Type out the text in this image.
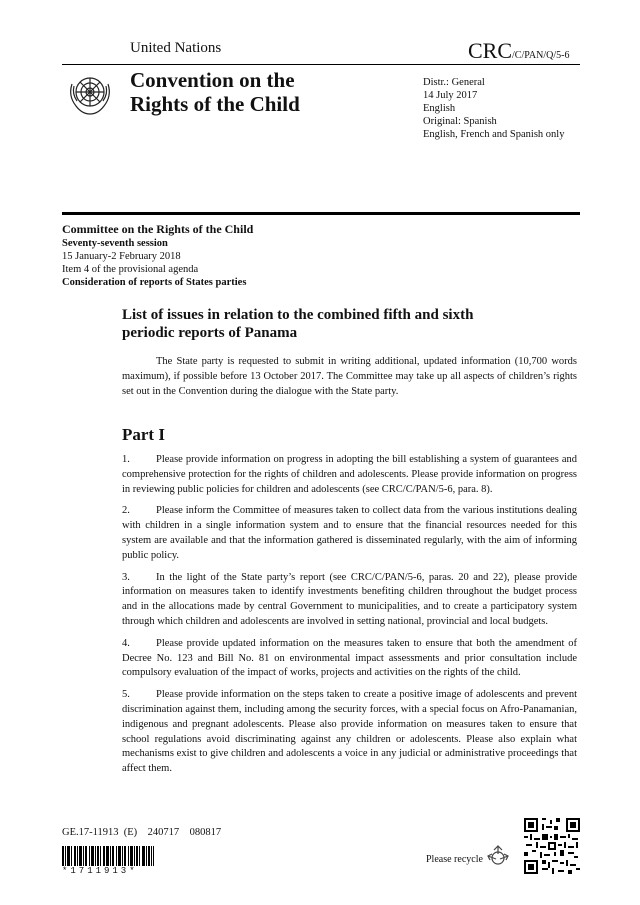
United Nations	CRC/C/PAN/Q/5-6
Convention on the
Rights of the Child
Distr.: General
14 July 2017
English
Original: Spanish
English, French and Spanish only
Committee on the Rights of the Child
Seventy-seventh session
15 January-2 February 2018
Item 4 of the provisional agenda
Consideration of reports of States parties
List of issues in relation to the combined fifth and sixth periodic reports of Panama

The State party is requested to submit in writing additional, updated information (10,700 words maximum), if possible before 13 October 2017. The Committee may take up all aspects of children’s rights set out in the Convention during the dialogue with the State party.

Part I

1. Please provide information on progress in adopting the bill establishing a system of guarantees and comprehensive protection for the rights of children and adolescents. Please provide information on progress in reviewing public policies for children and adolescents (see CRC/C/PAN/5-6, para. 8).

2. Please inform the Committee of measures taken to collect data from the various institutions dealing with children in a single information system and to ensure that the financial resources needed for this system are available and that the information gathered is disseminated regularly, with the aim of informing public policy.

3. In the light of the State party’s report (see CRC/C/PAN/5-6, paras. 20 and 22), please provide information on measures taken to identify investments benefiting children throughout the budget process and in the allocations made by central Government to municipalities, and to create a participatory system through which children and adolescents are involved in setting national, provincial and local budgets.

4. Please provide updated information on the measures taken to ensure that both the amendment of Decree No. 123 and Bill No. 81 on environmental impact assessments and prior consultation include compulsory evaluation of the impact of works, projects and activities on the rights of the child.

5. Please provide information on the steps taken to create a positive image of adolescents and prevent discrimination against them, including among the security forces, with a special focus on Afro-Panamanian, indigenous and pregnant adolescents. Please also provide information on measures taken to ensure that school regulations avoid discriminating against any children or adolescents. Please also explain what mechanisms exist to give children and adolescents a voice in any judicial or administrative proceedings that affect them.

GE.17-11913  (E)    240717    080817
*1711913*
Please recycle
